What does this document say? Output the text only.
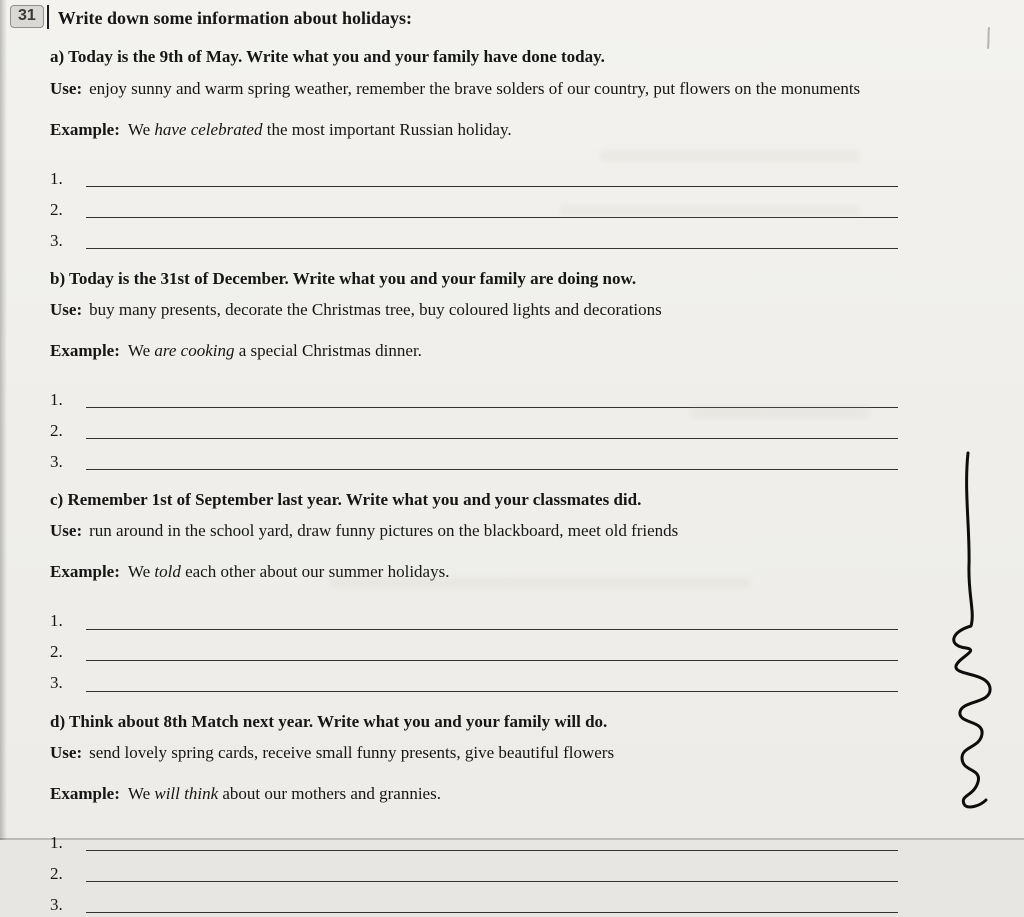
31	Write down some information about holidays:

a) Today is the 9th of May. Write what you and your family have done today.

Use: enjoy sunny and warm spring weather, remember the brave solders of our country, put flowers on the monuments

Example: We have celebrated the most important Russian holiday.

1.
2.
3.

b) Today is the 31st of December. Write what you and your family are doing now.

Use: buy many presents, decorate the Christmas tree, buy coloured lights and decorations

Example: We are cooking a special Christmas dinner.

1.
2.
3.

c) Remember 1st of September last year. Write what you and your classmates did.

Use: run around in the school yard, draw funny pictures on the blackboard, meet old friends

Example: We told each other about our summer holidays.

1.
2.
3.

d) Think about 8th Match next year. Write what you and your family will do.

Use: send lovely spring cards, receive small funny presents, give beautiful flowers

Example: We will think about our mothers and grannies.

1.
2.
3.
